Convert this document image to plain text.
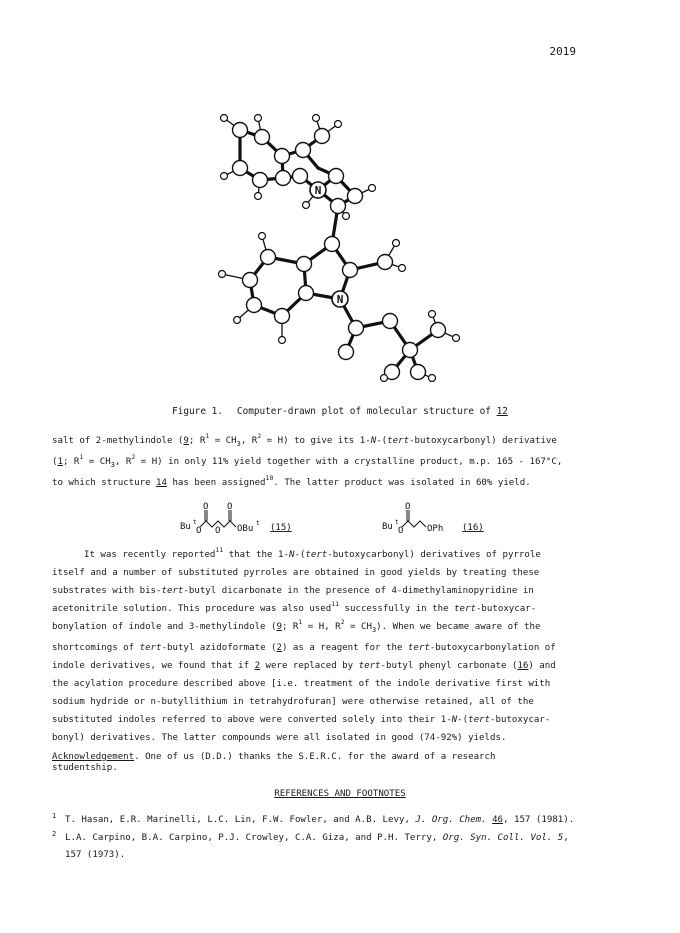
2019
N
N
Figure 1. Computer-drawn plot of molecular structure of 12
salt of 2-methylindole (9; $R^1 = CH_3$, $R^2 = H$) to give its 1-N-(tert-butoxycarbonyl) derivative
(1; $R^1 = CH_3$, $R^2 = H$) in only 11% yield together with a crystalline product, m.p. 165 - 167°C,
to which structure 14 has been assigned$^{10}$. The latter product was isolated in 60% yield.
Bu t
O
O
O
O
OBu
t (15)	Bu t
O
O
OPh (16)
It was recently reported$^{11}$ that the 1-N-(tert-butoxycarbonyl) derivatives of pyrrole
itself and a number of substituted pyrroles are obtained in good yields by treating these
substrates with bis-tert-butyl dicarbonate in the presence of 4-dimethylaminopyridine in
acetonitrile solution. This procedure was also used$^{11}$ successfully in the tert-butoxycar-
bonylation of indole and 3-methylindole (9; $R^1 = H$, $R^2 = CH_3$). When we became aware of the
shortcomings of tert-butyl azidoformate (2) as a reagent for the tert-butoxycarbonylation of
indole derivatives, we found that if 2 were replaced by tert-butyl phenyl carbonate (16) and
the acylation procedure described above [i.e. treatment of the indole derivative first with
sodium hydride or n-butyllithium in tetrahydrofuran] were otherwise retained, all of the
substituted indoles referred to above were converted solely into their 1-N-(tert-butoxycar-
bonyl) derivatives. The latter compounds were all isolated in good (74-92%) yields.
Acknowledgement. One of us (D.D.) thanks the S.E.R.C. for the award of a research
studentship.
REFERENCES AND FOOTNOTES
1 T. Hasan, E.R. Marinelli, L.C. Lin, F.W. Fowler, and A.B. Levy, J. Org. Chem. 46, 157 (1981).
2 L.A. Carpino, B.A. Carpino, P.J. Crowley, C.A. Giza, and P.H. Terry, Org. Syn. Coll. Vol. 5,
157 (1973).
